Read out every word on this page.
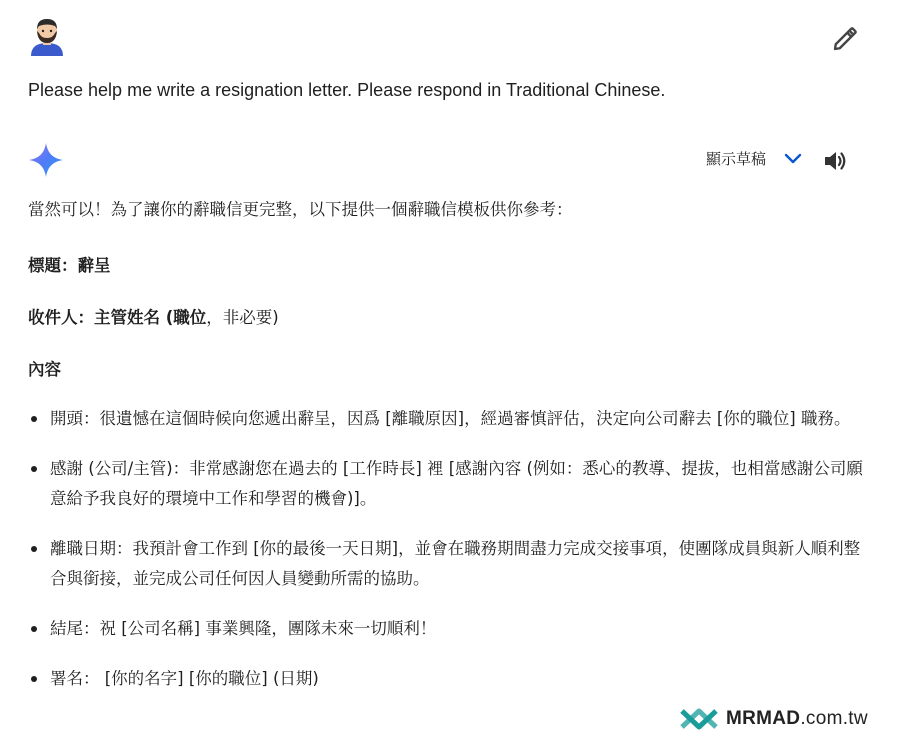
Please help me write a resignation letter. Please respond in Traditional Chinese.
顯示草稿

當然可以！為了讓你的辭職信更完整，以下提供一個辭職信模板供你參考：

標題：辭呈

收件人：主管姓名 (職位，非必要)

內容

開頭：很遺憾在這個時候向您遞出辭呈，因爲 [離職原因]，經過審慎評估，決定向公司辭去 [你的職位] 職務。
感謝 (公司/主管)：非常感謝您在過去的 [工作時長] 裡 [感謝內容 (例如：悉心的教導、提拔，也相當感謝公司願意給予我良好的環境中工作和學習的機會)]。
離職日期：我預計會工作到 [你的最後一天日期]，並會在職務期間盡力完成交接事項，使團隊成員與新人順利整合與銜接，並完成公司任何因人員變動所需的協助。
結尾：祝 [公司名稱] 事業興隆，團隊未來一切順利！
署名： [你的名字] [你的職位] (日期)
MRMAD.com.tw
